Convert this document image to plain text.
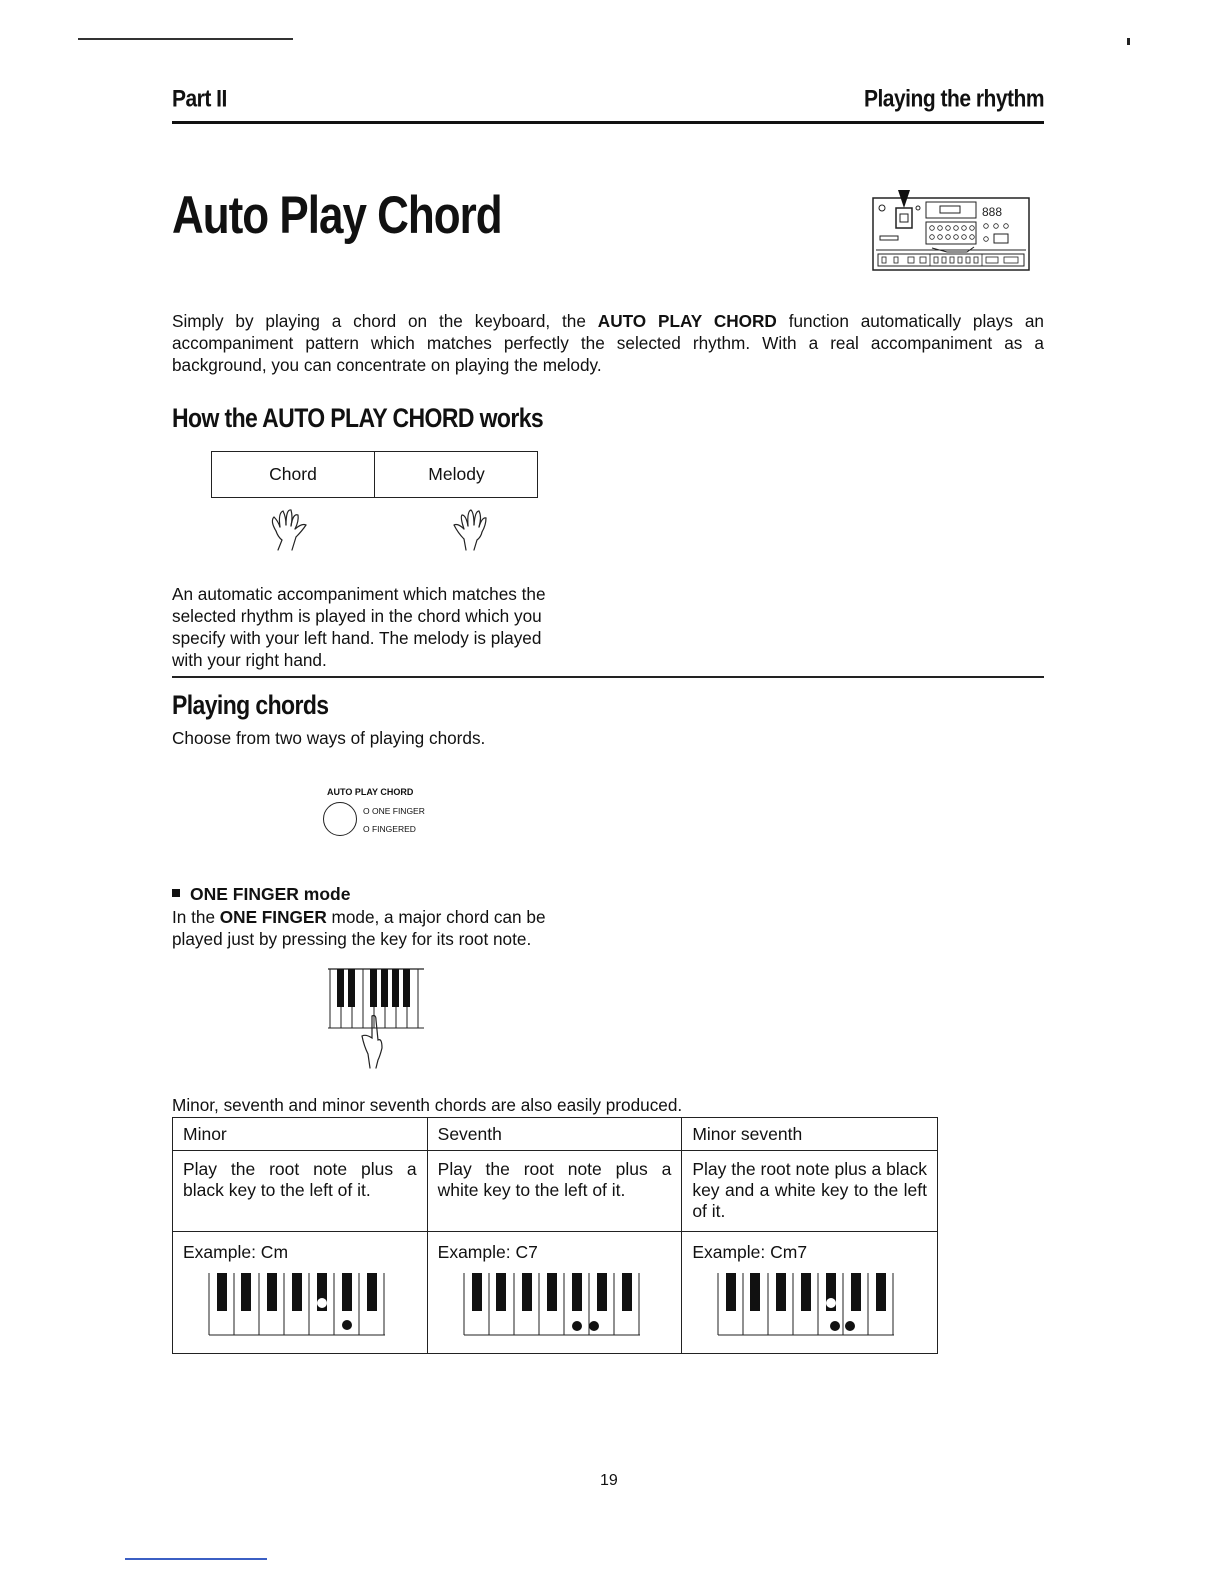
Part II	Playing the rhythm
Auto Play Chord	888

Simply by playing a chord on the keyboard, the AUTO PLAY CHORD function automatically plays an accompaniment pattern which matches perfectly the selected rhythm. With a real accompaniment as a background, you can concentrate on playing the melody.

How the AUTO PLAY CHORD works
Chord	Melody
An automatic accompaniment which matches the
selected rhythm is played in the chord which you
specify with your left hand. The melody is played
with your right hand.
Playing chords
Choose from two ways of playing chords.
AUTO PLAY CHORD
O ONE FINGER
O FINGERED
ONE FINGER mode
In the ONE FINGER mode, a major chord can be
played just by pressing the key for its root note.
Minor, seventh and minor seventh chords are also easily produced.
Minor	Seventh	Minor seventh
Play the root note plus a black key to the left of it.	Play the root note plus a white key to the left of it.	Play the root note plus a black key and a white key to the left of it.
Example: Cm	Example: C7	Example: Cm7
19
